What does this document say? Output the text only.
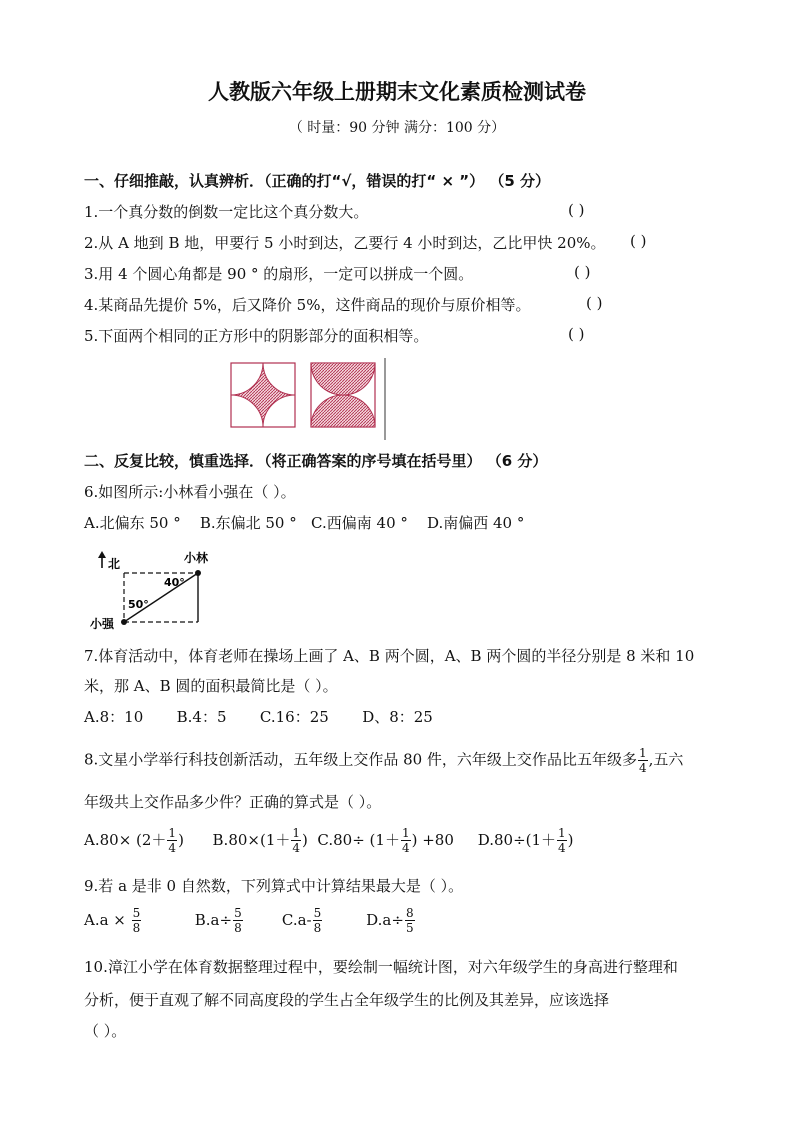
人教版六年级上册期末文化素质检测试卷
（ 时量：90 分钟 满分：100 分）
一、仔细推敲，认真辨析．（正确的打“√，错误的打“ × ”） （5 分）
1.一个真分数的倒数一定比这个真分数大。	( )
2.从 A 地到 B 地，甲要行 5 小时到达，乙要行 4 小时到达，乙比甲快 20%。 ( )
3.用 4 个圆心角都是 90 ° 的扇形，一定可以拼成一个圆。	( )
4.某商品先提价 5%，后又降价 5%，这件商品的现价与原价相等。	( )
5.下面两个相同的正方形中的阴影部分的面积相等。	( )
二、反复比较，慎重选择．（将正确答案的序号填在括号里） （6 分）
6.如图所示:小林看小强在（ ）。
A.北偏东 50 ° B.东偏北 50 ° C.西偏南 40 ° D.南偏西 40 °
北	小林
小强
40°
50°
7.体育活动中，体育老师在操场上画了 A、B 两个圆，A、B 两个圆的半径分别是 8 米和 10
米，那 A、B 圆的面积最简比是（ ）。
A.8：10 B.4：5 C.16：25 D、8：25
8.文星小学举行科技创新活动，五年级上交作品 80 件，六年级上交作品比五年级多 $\frac{1}{4}$ ,五六
年级共上交作品多少件？正确的算式是（ ）。
$A.80\times (2+ \frac{1}{4}$ ) $B.80\times(1+ \frac{1}{4}$ ) $C.80\div (1+ \frac{1}{4}$ ) +80 $D.80\div(1+ \frac{1}{4}$ )
9.若 a 是非 0 自然数，下列算式中计算结果最大是（ ）。
$A.a \times \frac{5}{8}$	$B.a\div \frac{5}{8}$	$C.a- \frac{5}{8}$	$D.a\div \frac{8}{5}$
10.漳江小学在体育数据整理过程中，要绘制一幅统计图，对六年级学生的身高进行整理和
分析，便于直观了解不同高度段的学生占全年级学生的比例及其差异，应该选择
（ ）。
